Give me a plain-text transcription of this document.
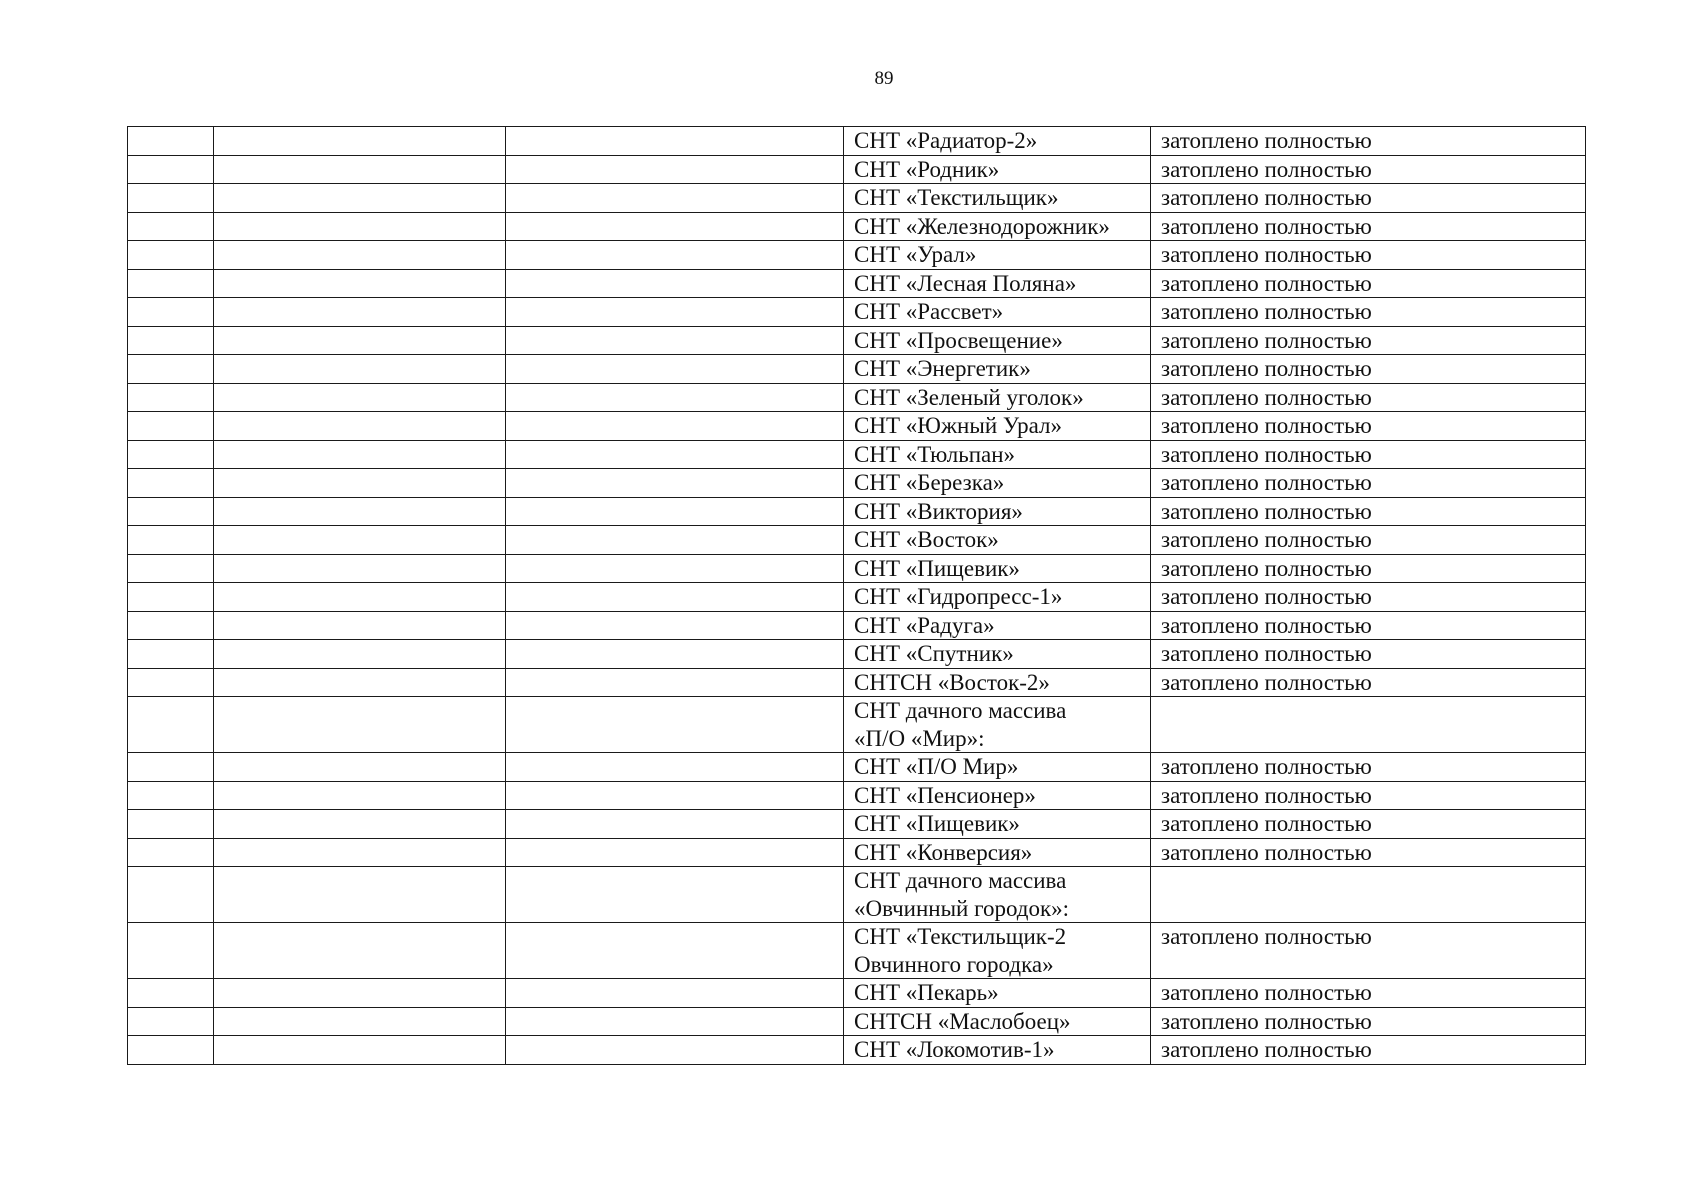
89
			СНТ «Радиатор-2»	затоплено полностью
			СНТ «Родник»	затоплено полностью
			СНТ «Текстильщик»	затоплено полностью
			СНТ «Железнодорожник»	затоплено полностью
			СНТ «Урал»	затоплено полностью
			СНТ «Лесная Поляна»	затоплено полностью
			СНТ «Рассвет»	затоплено полностью
			СНТ «Просвещение»	затоплено полностью
			СНТ «Энергетик»	затоплено полностью
			СНТ «Зеленый уголок»	затоплено полностью
			СНТ «Южный Урал»	затоплено полностью
			СНТ «Тюльпан»	затоплено полностью
			СНТ «Березка»	затоплено полностью
			СНТ «Виктория»	затоплено полностью
			СНТ «Восток»	затоплено полностью
			СНТ «Пищевик»	затоплено полностью
			СНТ «Гидропресс-1»	затоплено полностью
			СНТ «Радуга»	затоплено полностью
			СНТ «Спутник»	затоплено полностью
			СНТСН «Восток-2»	затоплено полностью
			СНТ дачного массива
«П/О «Мир»:	
			СНТ «П/О Мир»	затоплено полностью
			СНТ «Пенсионер»	затоплено полностью
			СНТ «Пищевик»	затоплено полностью
			СНТ «Конверсия»	затоплено полностью
			СНТ дачного массива
«Овчинный городок»:	
			СНТ «Текстильщик-2
Овчинного городка»	затоплено полностью
			СНТ «Пекарь»	затоплено полностью
			СНТСН «Маслобоец»	затоплено полностью
			СНТ «Локомотив-1»	затоплено полностью
